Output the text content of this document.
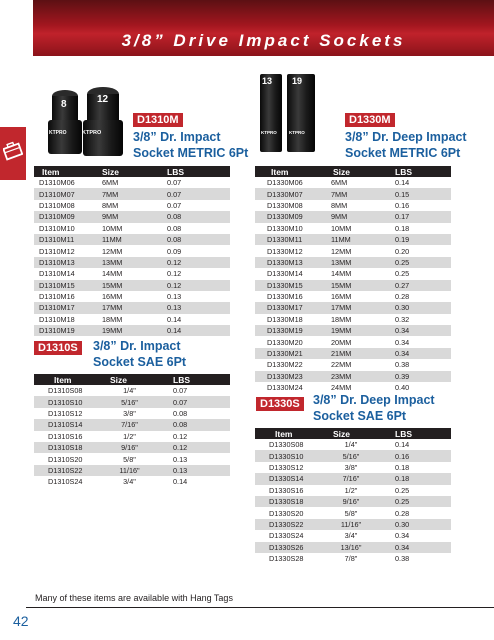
3/8” Drive Impact Sockets
KTPRO
KTPRO
8	12
KTPRO	KTPRO
13 19
D1310M
3/8” Dr. Impact
Socket METRIC 6Pt
Item	Size	LBS
D1310M06	6MM	0.07
D1310M07	7MM	0.07
D1310M08	8MM	0.07
D1310M09	9MM	0.08
D1310M10	10MM	0.08
D1310M11	11MM	0.08
D1310M12	12MM	0.09
D1310M13	13MM	0.12
D1310M14	14MM	0.12
D1310M15	15MM	0.12
D1310M16	16MM	0.13
D1310M17	17MM	0.13
D1310M18	18MM	0.14
D1310M19	19MM	0.14
D1310S	3/8” Dr. Impact
Socket SAE 6Pt
Item	Size	LBS
D1310S08	1/4"	0.07
D1310S10	5/16"	0.07
D1310S12	3/8"	0.08
D1310S14	7/16"	0.08
D1310S16	1/2"	0.12
D1310S18	9/16"	0.12
D1310S20	5/8"	0.13
D1310S22	11/16"	0.13
D1310S24	3/4"	0.14
D1330M
3/8” Dr. Deep Impact
Socket METRIC 6Pt
Item	Size	LBS
D1330M06	6MM	0.14
D1330M07	7MM	0.15
D1330M08	8MM	0.16
D1330M09	9MM	0.17
D1330M10	10MM	0.18
D1330M11	11MM	0.19
D1330M12	12MM	0.20
D1330M13	13MM	0.25
D1330M14	14MM	0.25
D1330M15	15MM	0.27
D1330M16	16MM	0.28
D1330M17	17MM	0.30
D1330M18	18MM	0.32
D1330M19	19MM	0.34
D1330M20	20MM	0.34
D1330M21	21MM	0.34
D1330M22	22MM	0.38
D1330M23	23MM	0.39
D1330M24	24MM	0.40
D1330S	3/8” Dr. Deep Impact
Socket SAE 6Pt
Item	Size	LBS
D1330S08	1/4"	0.14
D1330S10	5/16"	0.16
D1330S12	3/8"	0.18
D1330S14	7/16"	0.18
D1330S16	1/2"	0.25
D1330S18	9/16"	0.25
D1330S20	5/8"	0.28
D1330S22	11/16"	0.30
D1330S24	3/4"	0.34
D1330S26	13/16"	0.34
D1330S28	7/8"	0.38
Many of these items are available with Hang Tags
42
